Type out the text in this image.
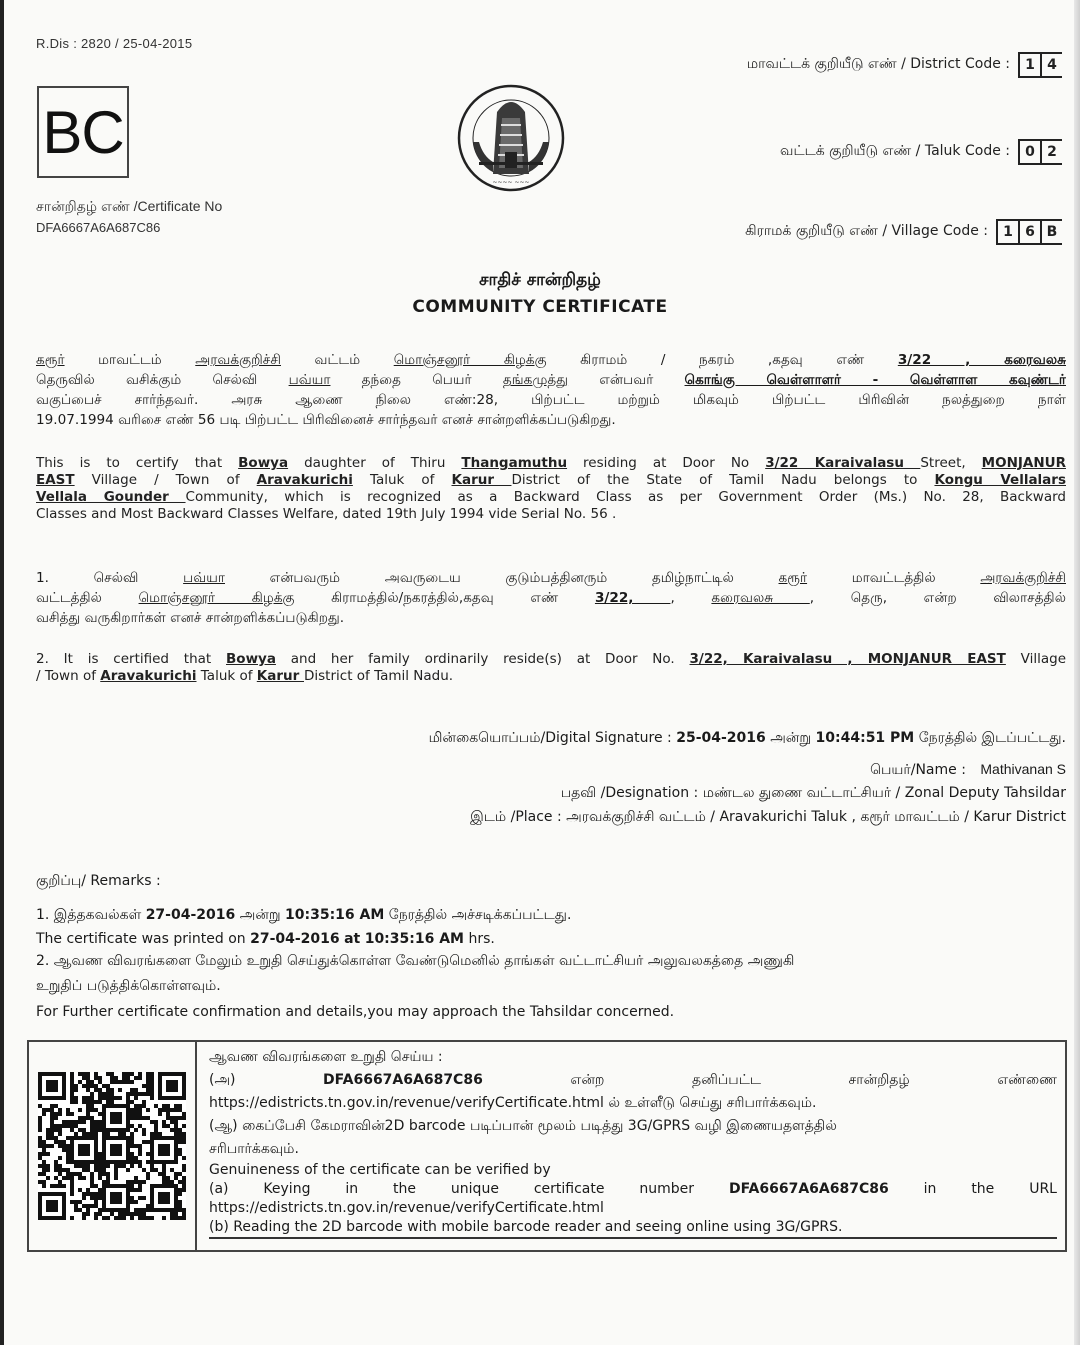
R.Dis : 2820 / 25-04-2015
BC
சான்றிதழ் எண் /Certificate No
DFA6667A6A687C86
~~~~ ~~~
மாவட்டக் குறியீடு எண் / District Code :	1 4
வட்டக் குறியீடு எண் / Taluk Code :	0 2
கிராமக் குறியீடு எண் / Village Code :	1 6 B
சாதிச் சான்றிதழ்
COMMUNITY CERTIFICATE
கரூர் மாவட்டம் அரவக்குறிச்சி வட்டம் மொஞ்சனூர் கிழக்கு கிராமம் / நகரம் ,கதவு எண் 3/22 , கரைவலசு
தெருவில் வசிக்கும் செல்வி பவ்யா தந்தை பெயர் தங்கமுத்து என்பவர் கொங்கு வெள்ளாளர் - வெள்ளாள கவுண்டர்
வகுப்பைச் சார்ந்தவர். அரசு ஆணை நிலை எண்:28, பிற்பட்ட மற்றும் மிகவும் பிற்பட்ட பிரிவின் நலத்துறை நாள்
19.07.1994 வரிசை எண் 56 படி பிற்பட்ட பிரிவினைச் சார்ந்தவர் எனச் சான்றளிக்கப்படுகிறது.
This is to certify that Bowya daughter of Thiru Thangamuthu residing at Door No 3/22 Karaivalasu Street, MONJANUR
EAST Village / Town of Aravakurichi Taluk of Karur District of the State of Tamil Nadu belongs to Kongu Vellalars
Vellala Gounder Community, which is recognized as a Backward Class as per Government Order (Ms.) No. 28, Backward
Classes and Most Backward Classes Welfare, dated 19th July 1994 vide Serial No. 56 .
1. செல்வி பவ்யா என்பவரும் அவருடைய குடும்பத்தினரும் தமிழ்நாட்டில் கரூர் மாவட்டத்தில் அரவக்குறிச்சி
வட்டத்தில் மொஞ்சனூர் கிழக்கு கிராமத்தில்/நகரத்தில்,கதவு எண் 3/22, , கரைவலசு , தெரு, என்ற விலாசத்தில்
வசித்து வருகிறார்கள் எனச் சான்றளிக்கப்படுகிறது.
2. It is certified that Bowya and her family ordinarily reside(s) at Door No. 3/22, Karaivalasu , MONJANUR EAST Village
/ Town of Aravakurichi Taluk of Karur District of Tamil Nadu.
மின்கையொப்பம்/Digital Signature : 25-04-2016 அன்று 10:44:51 PM நேரத்தில் இடப்பட்டது.
பெயர்/Name : Mathivanan S
பதவி /Designation : மண்டல துணை வட்டாட்சியர் / Zonal Deputy Tahsildar
இடம் /Place : அரவக்குறிச்சி வட்டம் / Aravakurichi Taluk , கரூர் மாவட்டம் / Karur District
குறிப்பு/ Remarks :
1. இத்தகவல்கள் 27-04-2016 அன்று 10:35:16 AM நேரத்தில் அச்சடிக்கப்பட்டது.
The certificate was printed on 27-04-2016 at 10:35:16 AM hrs.
2. ஆவண விவரங்களை மேலும் உறுதி செய்துக்கொள்ள வேண்டுமெனில் தாங்கள் வட்டாட்சியர் அலுவலகத்தை அணுகி
உறுதிப் படுத்திக்கொள்ளவும்.
For Further certificate confirmation and details,you may approach the Tahsildar concerned.
ஆவண விவரங்களை உறுதி செய்ய :
(அ)	DFA6667A6A687C86	என்ற	தனிப்பட்ட	சான்றிதழ்	எண்ணை
https://edistricts.tn.gov.in/revenue/verifyCertificate.html ல் உள்ளீடு செய்து சரிபார்க்கவும்.
(ஆ) கைப்பேசி கேமராவின்2D barcode படிப்பான் மூலம் படித்து 3G/GPRS வழி இணையதளத்தில்
சரிபார்க்கவும்.
Genuineness of the certificate can be verified by
(a) Keying in the unique certificate number DFA6667A6A687C86 in the URL
https://edistricts.tn.gov.in/revenue/verifyCertificate.html
(b) Reading the 2D barcode with mobile barcode reader and seeing online using 3G/GPRS.
